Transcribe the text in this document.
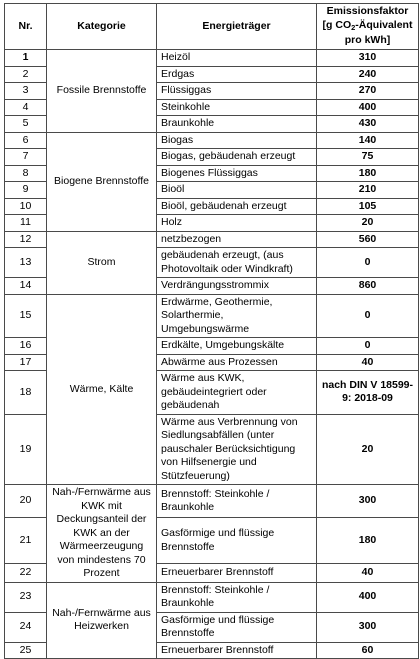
Nr.	Kategorie	Energieträger	Emissionsfaktor
[g $CO_2$-Äquivalent
pro kWh]
1	Fossile Brennstoffe	Heizöl	310
2		Erdgas	240
3		Flüssiggas	270
4		Steinkohle	400
5		Braunkohle	430
6	Biogene Brennstoffe	Biogas	140
7		Biogas, gebäudenah erzeugt	75
8		Biogenes Flüssiggas	180
9		Bioöl	210
10		Bioöl, gebäudenah erzeugt	105
11		Holz	20
12	Strom	netzbezogen	560
13		gebäudenah erzeugt, (aus Photovoltaik oder Windkraft)	0
14		Verdrängungsstrommix	860
15	Wärme, Kälte	Erdwärme, Geothermie, Solarthermie, Umgebungswärme	0
16		Erdkälte, Umgebungskälte	0
17		Abwärme aus Prozessen	40
18		Wärme aus KWK, gebäudeintegriert oder gebäudenah	nach DIN V 18599-9: 2018-09
19		Wärme aus Verbrennung von Siedlungsabfällen (unter pauschaler Berücksichtigung von Hilfsenergie und Stützfeuerung)	20
20	Nah-/Fernwärme aus KWK mit Deckungsanteil der KWK an der Wärmeerzeugung von mindestens 70 Prozent	Brennstoff: Steinkohle / Braunkohle	300
21		Gasförmige und flüssige Brennstoffe	180
22		Erneuerbarer Brennstoff	40
23	Nah-/Fernwärme aus Heizwerken	Brennstoff: Steinkohle / Braunkohle	400
24		Gasförmige und flüssige Brennstoffe	300
25		Erneuerbarer Brennstoff	60
